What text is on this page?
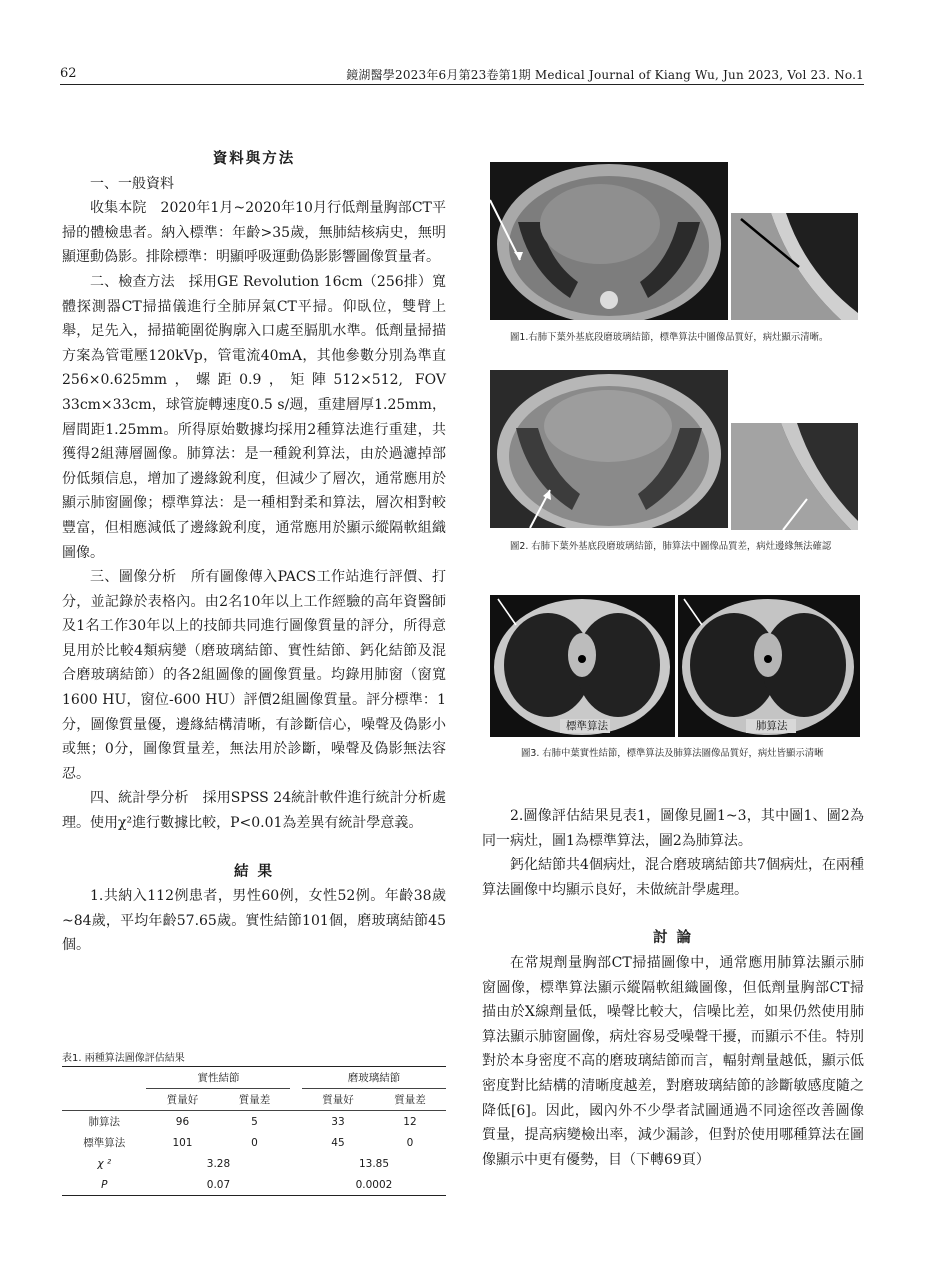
62	鏡湖醫學2023年6月第23卷第1期 Medical Journal of Kiang Wu, Jun 2023, Vol 23. No.1

資料與方法

一、一般資料

收集本院　2020年1月~2020年10月行低劑量胸部CT平掃的體檢患者。納入標準：年齡>35歲，無肺結核病史，無明顯運動偽影。排除標準：明顯呼吸運動偽影影響圖像質量者。

二、檢查方法　採用GE Revolution 16cm（256排）寬體探測器CT掃描儀進行全肺屏氣CT平掃。仰臥位，雙臂上舉，足先入，掃描範圍從胸廓入口處至膈肌水準。低劑量掃描方案為管電壓120kVp，管電流40mA，其他參數分別為準直256×0.625mm，螺距0.9，矩陣512×512, FOV 33cm×33cm，球管旋轉速度0.5 s/週，重建層厚1.25mm，層間距1.25mm。所得原始數據均採用2種算法進行重建，共獲得2組薄層圖像。肺算法：是一種銳利算法，由於過濾掉部份低頻信息，增加了邊緣銳利度，但減少了層次，通常應用於顯示肺窗圖像；標準算法：是一種相對柔和算法，層次相對較豐富，但相應減低了邊緣銳利度，通常應用於顯示縱隔軟組織圖像。

三、圖像分析　所有圖像傳入PACS工作站進行評價、打分，並記錄於表格內。由2名10年以上工作經驗的高年資醫師及1名工作30年以上的技師共同進行圖像質量的評分，所得意見用於比較4類病變（磨玻璃結節、實性結節、鈣化結節及混合磨玻璃結節）的各2組圖像的圖像質量。均錄用肺窗（窗寬1600 HU，窗位-600 HU）評價2組圖像質量。評分標準：1分，圖像質量優，邊緣結構清晰，有診斷信心，噪聲及偽影小或無；0分，圖像質量差，無法用於診斷，噪聲及偽影無法容忍。

四、統計學分析　採用SPSS 24統計軟件進行統計分析處理。使用χ²進行數據比較，P<0.01為差異有統計學意義。

結 果

1.共納入112例患者，男性60例，女性52例。年齡38歲~84歲，平均年齡57.65歲。實性結節101個，磨玻璃結節45個。

表1. 兩種算法圖像評估結果
	實性結節			磨玻璃結節	
	質量好	質量差		質量好	質量差
肺算法	96	5		33	12
標準算法	101	0		45	0
χ ²	3.28			13.85	
P	0.07			0.0002	
圖1.右肺下葉外基底段磨玻璃結節，標準算法中圖像品質好，病灶顯示清晰。
圖2. 右肺下葉外基底段磨玻璃結節，肺算法中圖像品質差，病灶邊緣無法確認
標準算法	肺算法
圖3. 右肺中葉實性結節，標準算法及肺算法圖像品質好，病灶皆顯示清晰

2.圖像評估結果見表1，圖像見圖1~3，其中圖1、圖2為同一病灶，圖1為標準算法，圖2為肺算法。

鈣化結節共4個病灶，混合磨玻璃結節共7個病灶，在兩種算法圖像中均顯示良好，未做統計學處理。

討 論

在常規劑量胸部CT掃描圖像中，通常應用肺算法顯示肺窗圖像，標準算法顯示縱隔軟組織圖像，但低劑量胸部CT掃描由於X線劑量低，噪聲比較大，信噪比差，如果仍然使用肺算法顯示肺窗圖像，病灶容易受噪聲干擾，而顯示不佳。特別對於本身密度不高的磨玻璃結節而言，輻射劑量越低，顯示低密度對比結構的清晰度越差，對磨玻璃結節的診斷敏感度隨之降低[6]。因此，國內外不少學者試圖通過不同途徑改善圖像質量，提高病變檢出率，減少漏診，但對於使用哪種算法在圖像顯示中更有優勢，目（下轉69頁）
